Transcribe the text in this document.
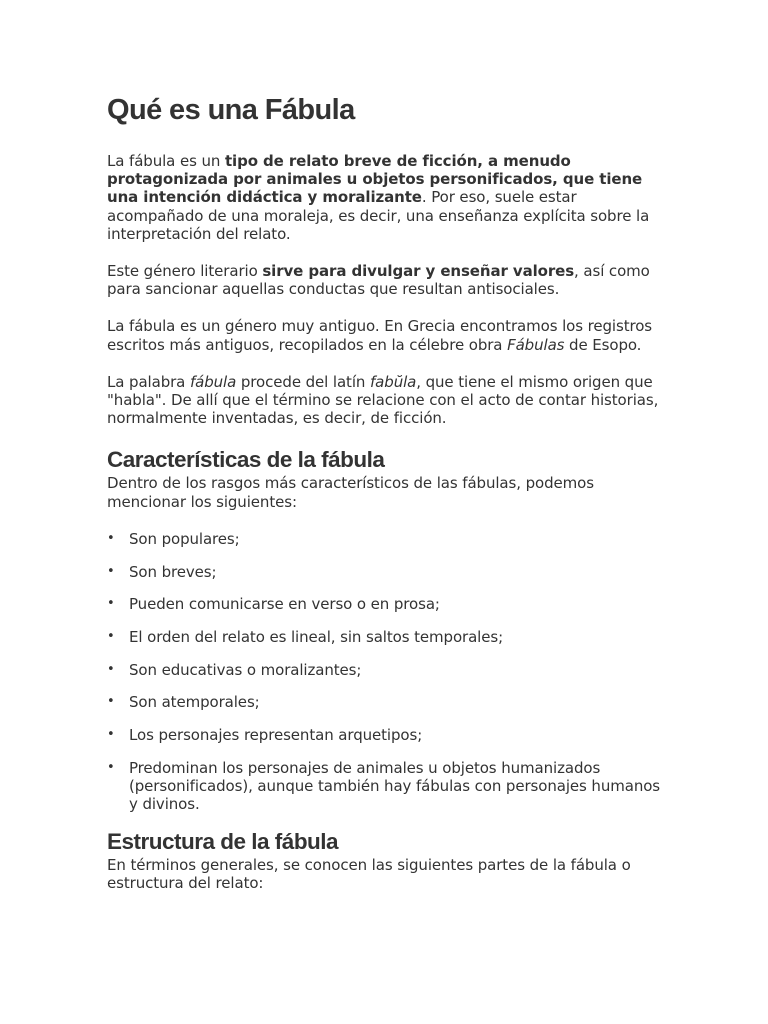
Qué es una Fábula

La fábula es un tipo de relato breve de ficción, a menudo protagonizada por animales u objetos personificados, que tiene una intención didáctica y moralizante. Por eso, suele estar acompañado de una moraleja, es decir, una enseñanza explícita sobre la interpretación del relato.

Este género literario sirve para divulgar y enseñar valores, así como para sancionar aquellas conductas que resultan antisociales.

La fábula es un género muy antiguo. En Grecia encontramos los registros escritos más antiguos, recopilados en la célebre obra Fábulas de Esopo.

La palabra fábula procede del latín fabŭla, que tiene el mismo origen que "habla". De allí que el término se relacione con el acto de contar historias, normalmente inventadas, es decir, de ficción.

Características de la fábula

Dentro de los rasgos más característicos de las fábulas, podemos mencionar los siguientes:

• Son populares;
• Son breves;
• Pueden comunicarse en verso o en prosa;
• El orden del relato es lineal, sin saltos temporales;
• Son educativas o moralizantes;
• Son atemporales;
• Los personajes representan arquetipos;
• Predominan los personajes de animales u objetos humanizados (personificados), aunque también hay fábulas con personajes humanos y divinos.
Estructura de la fábula

En términos generales, se conocen las siguientes partes de la fábula o estructura del relato:
